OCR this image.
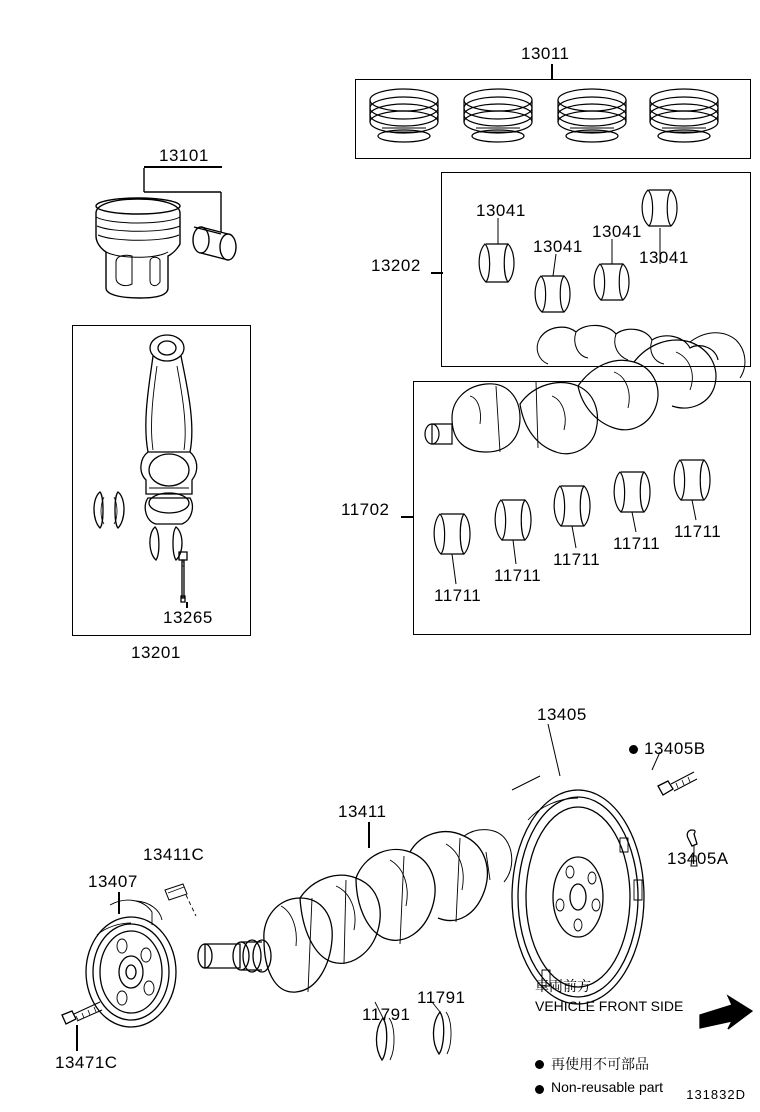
13011
13101
13201
13265
13202
13041
13041
13041
13041
11702
11711
11711
11711
11711
11711
13405
13405B
13405A
13411
13411C
13407
13471C
11791
11791
車両前方
VEHICLE FRONT SIDE
再使用不可部品
Non-reusable part 131832D
